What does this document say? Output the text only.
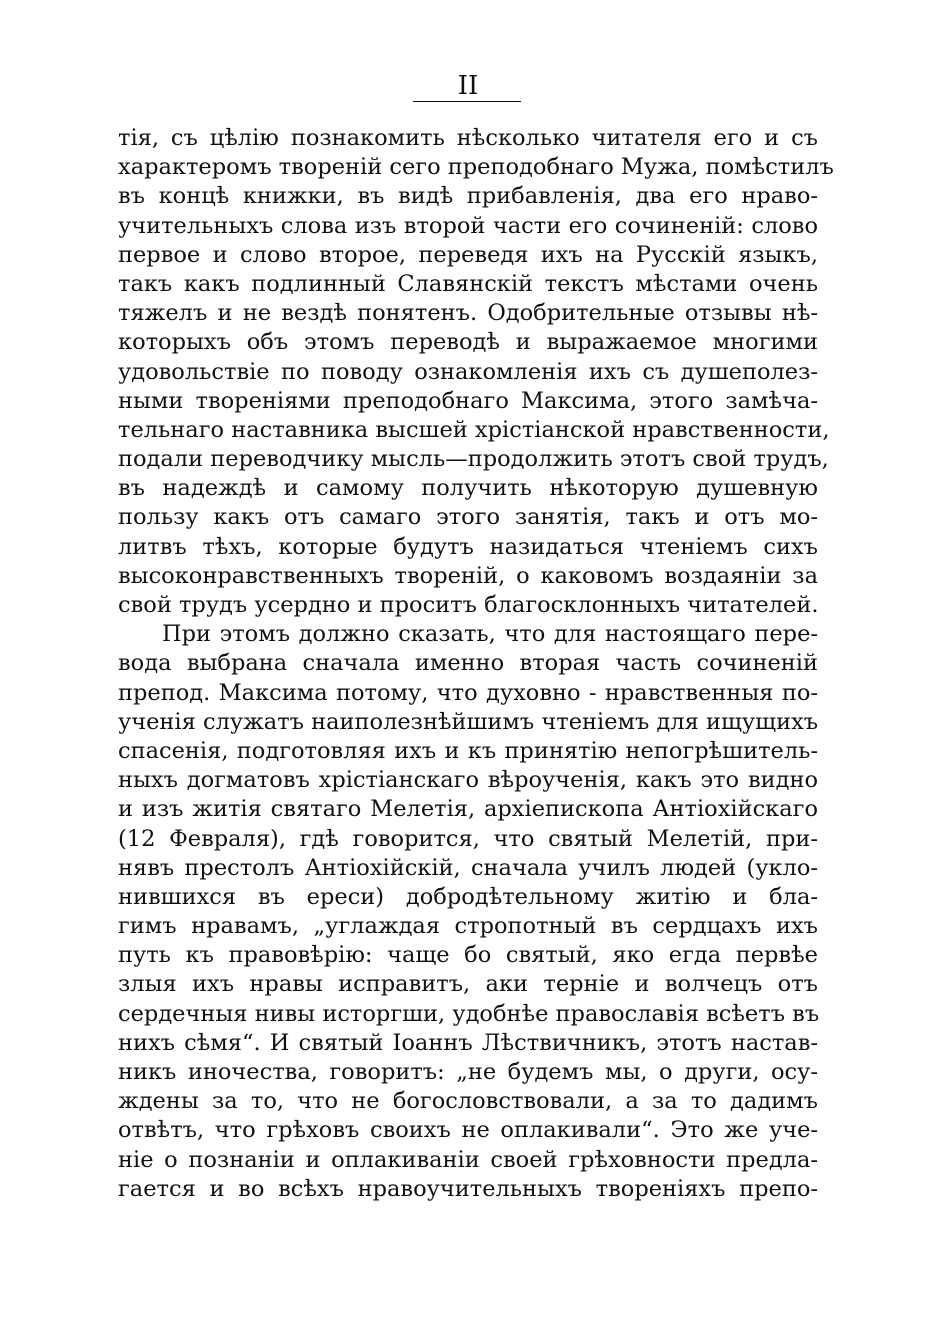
II
тія, съ цѣлію познакомить нѣсколько читателя его и съ
характеромъ твореній сего преподобнаго Мужа, помѣстилъ
въ концѣ книжки, въ видѣ прибавленія, два его нраво-
учительныхъ слова изъ второй части его сочиненій: слово
первое и слово второе, переведя ихъ на Русскій языкъ,
такъ какъ подлинный Славянскій текстъ мѣстами очень
тяжелъ и не вездѣ понятенъ. Одобрительные отзывы нѣ-
которыхъ объ этомъ переводѣ и выражаемое многими
удовольствіе по поводу ознакомленія ихъ съ душеполез-
ными твореніями преподобнаго Максима, этого замѣча-
тельнаго наставника высшей хрістіанской нравственности,
подали переводчику мысль—продолжить этотъ свой трудъ,
въ надеждѣ и самому получить нѣкоторую душевную
пользу какъ отъ самаго этого занятія, такъ и отъ мо-
литвъ тѣхъ, которые будутъ назидаться чтеніемъ сихъ
высоконравственныхъ твореній, о каковомъ воздаяніи за
свой трудъ усердно и проситъ благосклонныхъ читателей.
При этомъ должно сказать, что для настоящаго пере-
вода выбрана сначала именно вторая часть сочиненій
препод. Максима потому, что духовно - нравственныя по-
ученія служатъ наиполезнѣйшимъ чтеніемъ для ищущихъ
спасенія, подготовляя ихъ и къ принятію непогрѣшитель-
ныхъ догматовъ хрістіанскаго вѣроученія, какъ это видно
и изъ житія святаго Мелетія, архіепископа Антіохійскаго
(12 Февраля), гдѣ говорится, что святый Мелетій, при-
нявъ престолъ Антіохійскій, сначала училъ людей (укло-
нившихся въ ереси) добродѣтельному житію и бла-
гимъ нравамъ, „углаждая стропотный въ сердцахъ ихъ
путь къ правовѣрію: чаще бо святый, яко егда первѣе
злыя ихъ нравы исправитъ, аки терніе и волчецъ отъ
сердечныя нивы исторгши, удобнѣе православія всѣетъ въ
нихъ сѣмя“. И святый Іоаннъ Лѣствичникъ, этотъ настав-
никъ иночества, говоритъ: „не будемъ мы, о други, осу-
ждены за то, что не богословствовали, а за то дадимъ
отвѣтъ, что грѣховъ своихъ не оплакивали“. Это же уче-
ніе о познаніи и оплакиваніи своей грѣховности предла-
гается и во всѣхъ нравоучительныхъ твореніяхъ препо-
